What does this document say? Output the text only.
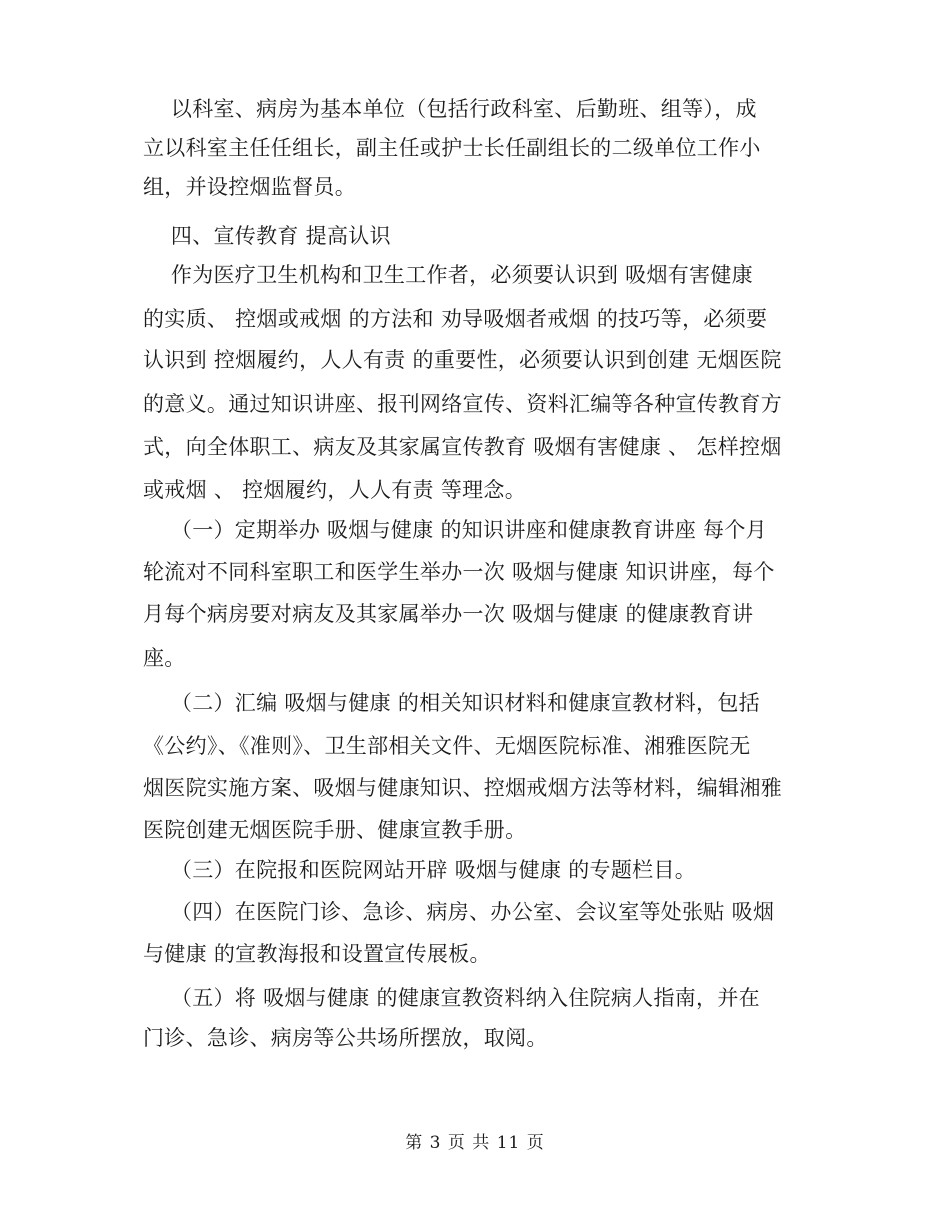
以科室、病房为基本单位（包括行政科室、后勤班、组等），成
立以科室主任任组长，副主任或护士长任副组长的二级单位工作小
组，并设控烟监督员。
四、宣传教育 提高认识
作为医疗卫生机构和卫生工作者，必须要认识到 吸烟有害健康
的实质、 控烟或戒烟 的方法和 劝导吸烟者戒烟 的技巧等，必须要
认识到 控烟履约，人人有责 的重要性，必须要认识到创建 无烟医院
的意义。通过知识讲座、报刊网络宣传、资料汇编等各种宣传教育方
式，向全体职工、病友及其家属宣传教育 吸烟有害健康 、 怎样控烟
或戒烟 、 控烟履约，人人有责 等理念。
（一）定期举办 吸烟与健康 的知识讲座和健康教育讲座 每个月
轮流对不同科室职工和医学生举办一次 吸烟与健康 知识讲座，每个
月每个病房要对病友及其家属举办一次 吸烟与健康 的健康教育讲
座。
（二）汇编 吸烟与健康 的相关知识材料和健康宣教材料，包括
《公约》、《准则》、卫生部相关文件、无烟医院标准、湘雅医院无
烟医院实施方案、吸烟与健康知识、控烟戒烟方法等材料，编辑湘雅
医院创建无烟医院手册、健康宣教手册。
（三）在院报和医院网站开辟 吸烟与健康 的专题栏目。
（四）在医院门诊、急诊、病房、办公室、会议室等处张贴 吸烟
与健康 的宣教海报和设置宣传展板。
（五）将 吸烟与健康 的健康宣教资料纳入住院病人指南，并在
门诊、急诊、病房等公共场所摆放，取阅。
第 3 页 共 11 页
